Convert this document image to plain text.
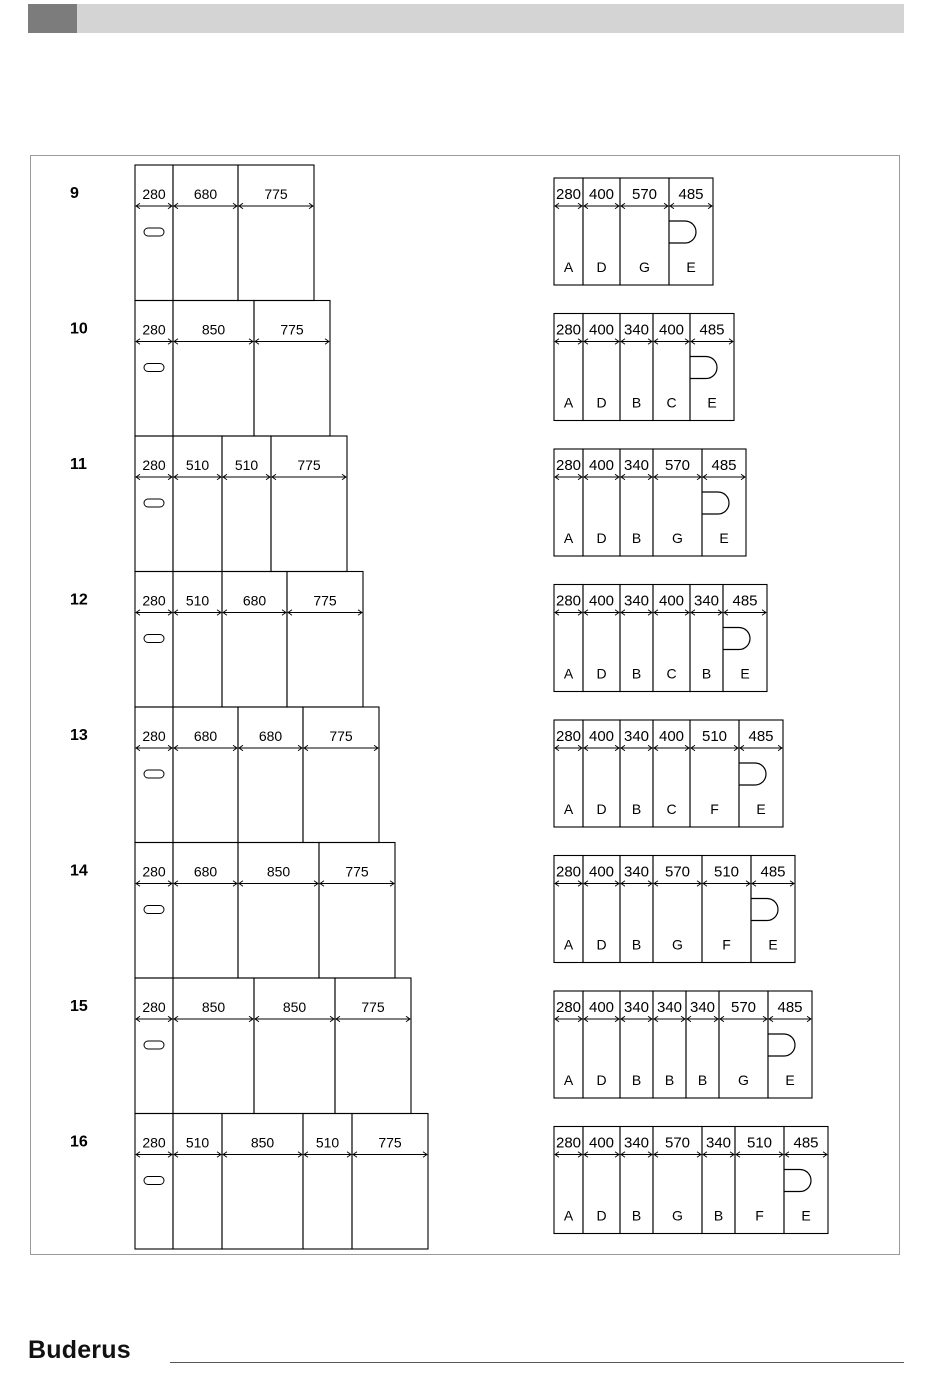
9	280 680	775	280
A
400
D
570
G
485
E
10	280	850	775	280
A
400
D
340
B
400
C
485
E
11	280 510 510	775	280
A
400
D
340
B
570
G
485
E
12	280 510 680	775	280
A
400
D
340
B
400
C
340
B
485
E
13	280 680	680	775	280
A
400
D
340
B
400
C
510
F
485
E
14	280 680	850	775	280
A
400
D
340
B
570
G
510
F
485
E
15	280	850	850	775	280
A
400
D
340
B
340
B
340
B
570
G
485
E
16	280 510	850	510	775	280
A
400
D
340
B
570
G
340
B
510
F
485
E
Buderus
